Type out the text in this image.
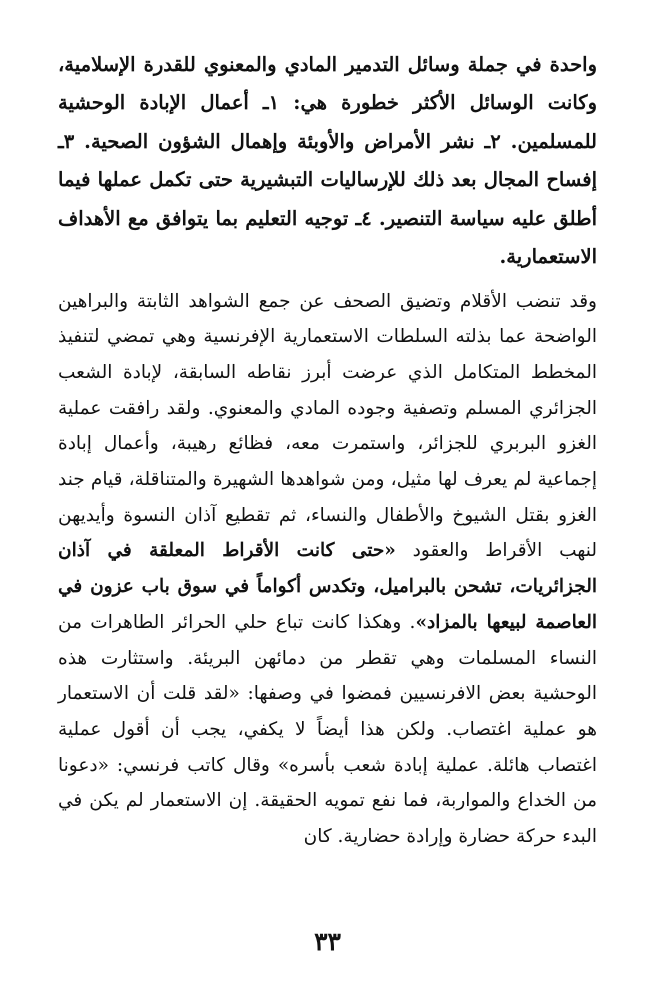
واحدة في جملة وسائل التدمير المادي والمعنوي للقدرة الإسلامية، وكانت الوسائل الأكثر خطورة هي: ١ـ أعمال الإبادة الوحشية للمسلمين. ٢ـ نشر الأمراض والأوبئة وإهمال الشؤون الصحية. ٣ـ إفساح المجال بعد ذلك للإرساليات التبشيرية حتى تكمل عملها فيما أطلق عليه سياسة التنصير. ٤ـ توجيه التعليم بما يتوافق مع الأهداف الاستعمارية.

وقد تنضب الأقلام وتضيق الصحف عن جمع الشواهد الثابتة والبراهين الواضحة عما بذلته السلطات الاستعمارية الإفرنسية وهي تمضي لتنفيذ المخطط المتكامل الذي عرضت أبرز نقاطه السابقة، لإبادة الشعب الجزائري المسلم وتصفية وجوده المادي والمعنوي. ولقد رافقت عملية الغزو البربري للجزائر، واستمرت معه، فظائع رهيبة، وأعمال إبادة إجماعية لم يعرف لها مثيل، ومن شواهدها الشهيرة والمتناقلة، قيام جند الغزو بقتل الشيوخ والأطفال والنساء، ثم تقطيع آذان النسوة وأيديهن لنهب الأقراط والعقود «حتى كانت الأقراط المعلقة في آذان الجزائريات، تشحن بالبراميل، وتكدس أكواماً في سوق باب عزون في العاصمة لبيعها بالمزاد». وهكذا كانت تباع حلي الحرائر الطاهرات من النساء المسلمات وهي تقطر من دمائهن البريئة. واستثارت هذه الوحشية بعض الافرنسيين فمضوا في وصفها: «لقد قلت أن الاستعمار هو عملية اغتصاب. ولكن هذا أيضاً لا يكفي، يجب أن أقول عملية اغتصاب هائلة. عملية إبادة شعب بأسره» وقال كاتب فرنسي: «دعونا من الخداع والمواربة، فما نفع تمويه الحقيقة. إن الاستعمار لم يكن في البدء حركة حضارة وإرادة حضارية. كان

٣٣
